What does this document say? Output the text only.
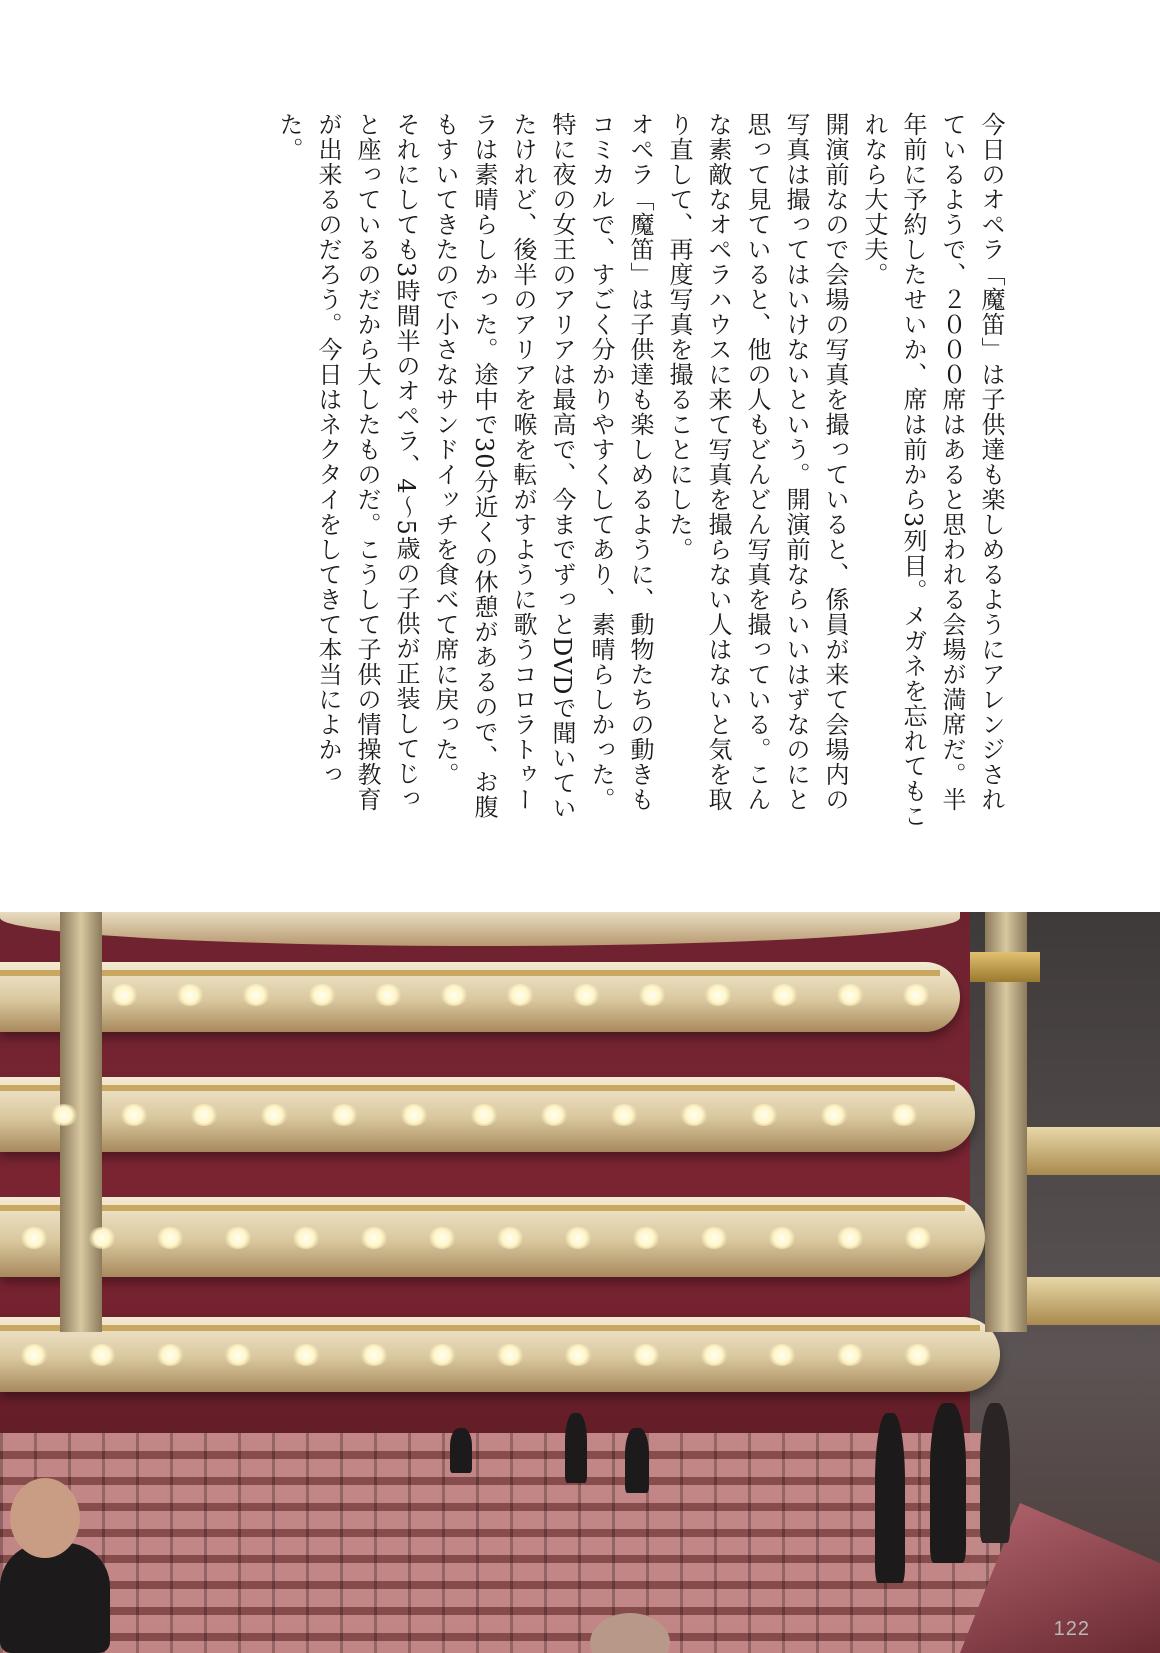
今日のオペラ「魔笛」は子供達も楽しめるようにアレンジされているようで、２０００席はあると思われる会場が満席だ。半年前に予約したせいか、席は前から3列目。メガネを忘れてもこれなら大丈夫。

開演前なので会場の写真を撮っていると、係員が来て会場内の写真は撮ってはいけないという。開演前ならいいはずなのにと思って見ていると、他の人もどんどん写真を撮っている。こんな素敵なオペラハウスに来て写真を撮らない人はないと気を取り直して、再度写真を撮ることにした。

オペラ「魔笛」は子供達も楽しめるように、動物たちの動きもコミカルで、すごく分かりやすくしてあり、素晴らしかった。特に夜の女王のアリアは最高で、今までずっとDVDで聞いていたけれど、後半のアリアを喉を転がすように歌うコロラトゥーラは素晴らしかった。途中で30分近くの休憩があるので、お腹もすいてきたので小さなサンドイッチを食べて席に戻った。

それにしても3時間半のオペラ、4～5歳の子供が正装してじっと座っているのだから大したものだ。こうして子供の情操教育が出来るのだろう。今日はネクタイをしてきて本当によかった。

122
